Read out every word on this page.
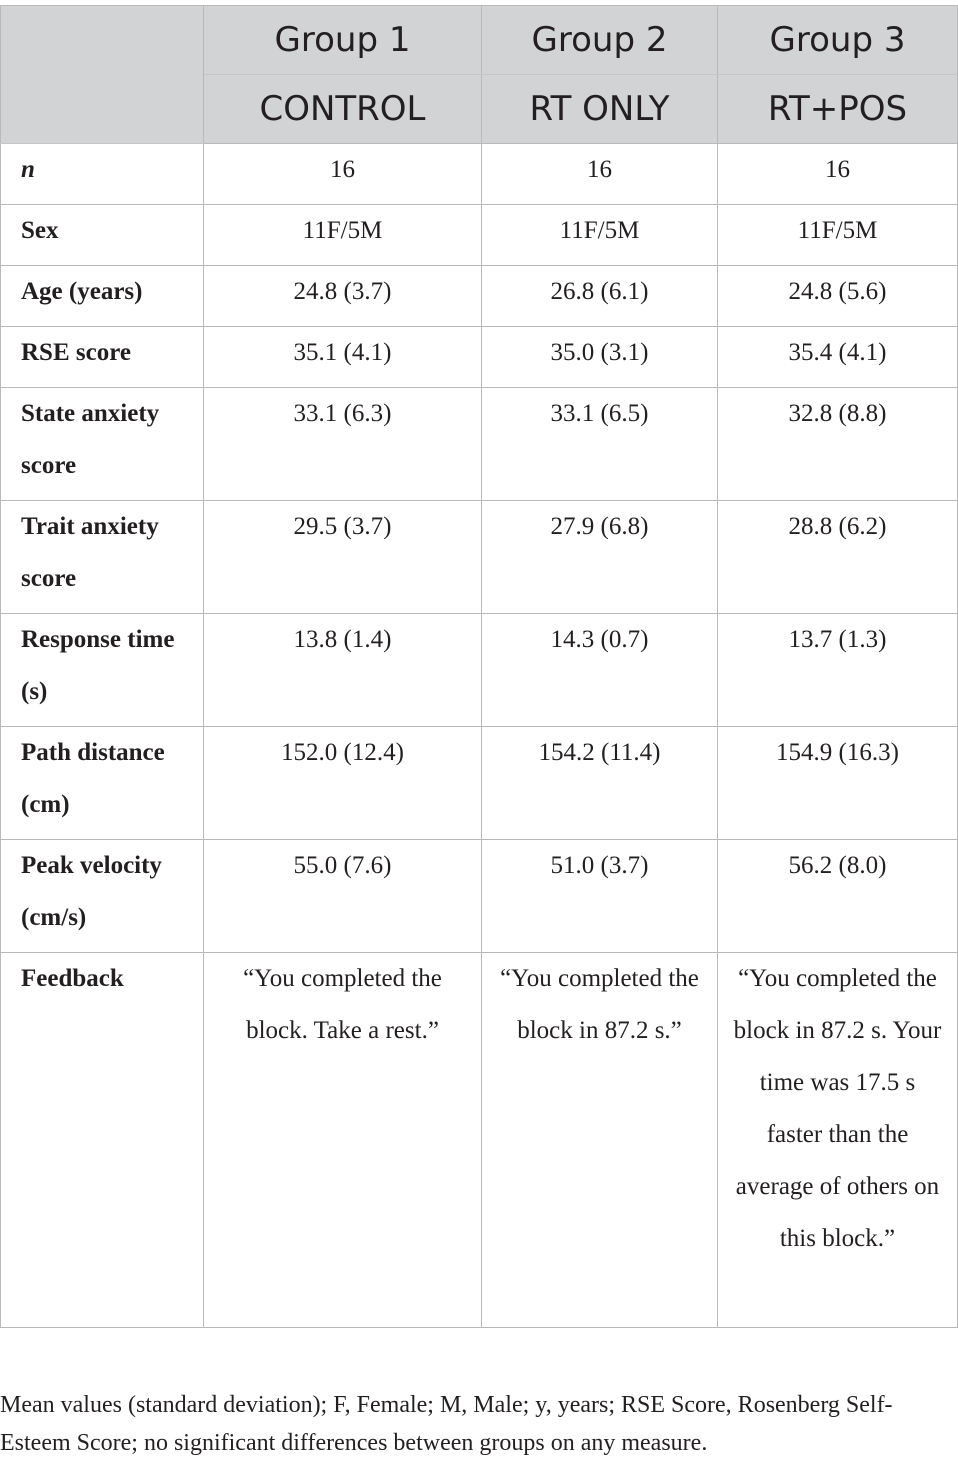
	Group 1	Group 2	Group 3
	CONTROL	RT ONLY	RT+POS
n	16	16	16
Sex	11F/5M	11F/5M	11F/5M
Age (years)	24.8 (3.7)	26.8 (6.1)	24.8 (5.6)
RSE score	35.1 (4.1)	35.0 (3.1)	35.4 (4.1)
State anxiety score	33.1 (6.3)	33.1 (6.5)	32.8 (8.8)
Trait anxiety score	29.5 (3.7)	27.9 (6.8)	28.8 (6.2)
Response time (s)	13.8 (1.4)	14.3 (0.7)	13.7 (1.3)
Path distance (cm)	152.0 (12.4)	154.2 (11.4)	154.9 (16.3)
Peak velocity (cm/s)	55.0 (7.6)	51.0 (3.7)	56.2 (8.0)
Feedback	“You completed the block. Take a rest.”	“You completed the block in 87.2 s.”	“You completed the block in 87.2 s. Your time was 17.5 s faster than the average of others on this block.”
Mean values (standard deviation); F, Female; M, Male; y, years; RSE Score, Rosenberg Self-Esteem Score; no significant differences between groups on any measure.
